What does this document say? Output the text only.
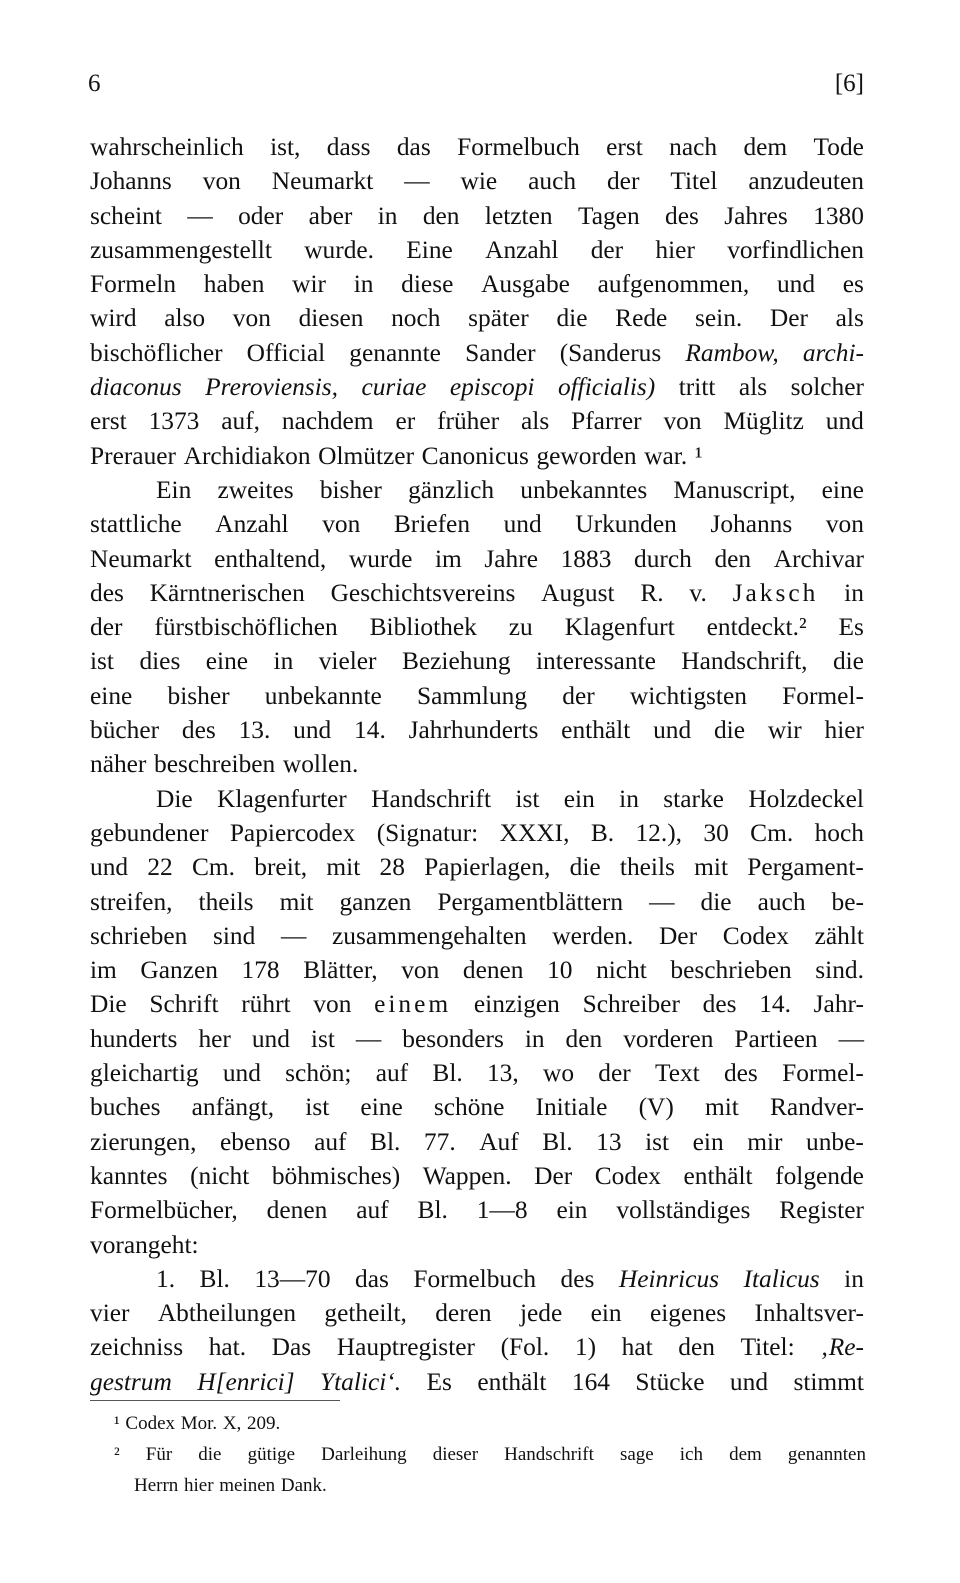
6	[6]
wahrscheinlich ist, dass das Formelbuch erst nach dem Tode
Johanns von Neumarkt — wie auch der Titel anzudeuten
scheint — oder aber in den letzten Tagen des Jahres 1380
zusammengestellt wurde. Eine Anzahl der hier vorfindlichen
Formeln haben wir in diese Ausgabe aufgenommen, und es
wird also von diesen noch später die Rede sein. Der als
bischöflicher Official genannte Sander (Sanderus Rambow, archi-
diaconus Preroviensis, curiae episcopi officialis) tritt als solcher
erst 1373 auf, nachdem er früher als Pfarrer von Müglitz und
Prerauer Archidiakon Olmützer Canonicus geworden war. ¹
Ein zweites bisher gänzlich unbekanntes Manuscript, eine
stattliche Anzahl von Briefen und Urkunden Johanns von
Neumarkt enthaltend, wurde im Jahre 1883 durch den Archivar
des Kärntnerischen Geschichtsvereins August R. v. Jaksch in
der fürstbischöflichen Bibliothek zu Klagenfurt entdeckt.² Es
ist dies eine in vieler Beziehung interessante Handschrift, die
eine bisher unbekannte Sammlung der wichtigsten Formel-
bücher des 13. und 14. Jahrhunderts enthält und die wir hier
näher beschreiben wollen.
Die Klagenfurter Handschrift ist ein in starke Holzdeckel
gebundener Papiercodex (Signatur: XXXI, B. 12.), 30 Cm. hoch
und 22 Cm. breit, mit 28 Papierlagen, die theils mit Pergament-
streifen, theils mit ganzen Pergamentblättern — die auch be-
schrieben sind — zusammengehalten werden. Der Codex zählt
im Ganzen 178 Blätter, von denen 10 nicht beschrieben sind.
Die Schrift rührt von einem einzigen Schreiber des 14. Jahr-
hunderts her und ist — besonders in den vorderen Partieen —
gleichartig und schön; auf Bl. 13, wo der Text des Formel-
buches anfängt, ist eine schöne Initiale (V) mit Randver-
zierungen, ebenso auf Bl. 77. Auf Bl. 13 ist ein mir unbe-
kanntes (nicht böhmisches) Wappen. Der Codex enthält folgende
Formelbücher, denen auf Bl. 1—8 ein vollständiges Register
vorangeht:
1. Bl. 13—70 das Formelbuch des Heinricus Italicus in
vier Abtheilungen getheilt, deren jede ein eigenes Inhaltsver-
zeichniss hat. Das Hauptregister (Fol. 1) hat den Titel: ‚Re-
gestrum H[enrici] Ytalici‘. Es enthält 164 Stücke und stimmt
¹ Codex Mor. X, 209.
² Für die gütige Darleihung dieser Handschrift sage ich dem genannten
Herrn hier meinen Dank.
